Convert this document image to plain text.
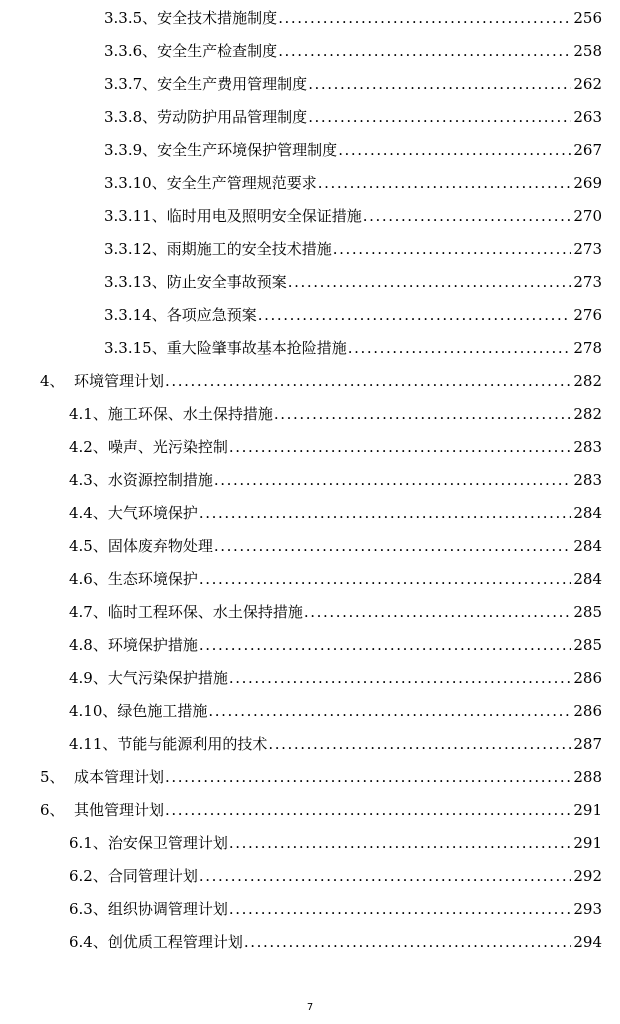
3.3.5、 安全技术措施制度 .....	256
3.3.6、 安全生产检查制度 .....	258
3.3.7、 安全生产费用管理制度 .....	262
3.3.8、 劳动防护用品管理制度 .....	263
3.3.9、 安全生产环境保护管理制度 .....	267
3.3.10、 安全生产管理规范要求 .....	269
3.3.11、 临时用电及照明安全保证措施 .....	270
3.3.12、 雨期施工的安全技术措施 .....	273
3.3.13、 防止安全事故预案 .....	273
3.3.14、 各项应急预案 .....	276
3.3.15、 重大险肇事故基本抢险措施 .....	278
4、 环境管理计划 .....	282
4.1、 施工环保、水土保持措施 .....	282
4.2、 噪声、光污染控制 .....	283
4.3、 水资源控制措施 .....	283
4.4、 大气环境保护 .....	284
4.5、 固体废弃物处理 .....	284
4.6、 生态环境保护 .....	284
4.7、 临时工程环保、水土保持措施 .....	285
4.8、 环境保护措施 .....	285
4.9、 大气污染保护措施 .....	286
4.10、 绿色施工措施 .....	286
4.11、 节能与能源利用的技术 .....	287
5、 成本管理计划 .....	288
6、 其他管理计划 .....	291
6.1、 治安保卫管理计划 .....	291
6.2、 合同管理计划 .....	292
6.3、 组织协调管理计划 .....	293
6.4、 创优质工程管理计划 .....	294
7
